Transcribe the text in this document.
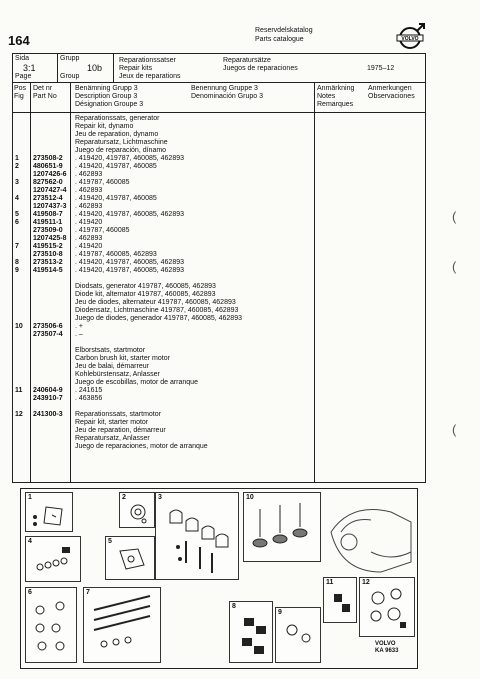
164
Reservdelskatalog
Parts catalogue	VOLVO
Sida
3:1
Page
Grupp
10b
Group
Reparationssatser
Repair kits
Jeux de reparations
Reparatursätze
Juegos de reparaciones	1975–12
Pos
Fig
Det nr
Part No
Benämning Grupp 3
Description Group 3
Désignation Groupe 3
Benennung Gruppe 3
Denominación Grupo 3
Anmärkning
Notes
Remarques
Anmerkungen
Observaciones
Reparationssats, generator
Repair kit, dynamo
Jeu de reparation, dynamo
Reparatursatz, Lichtmaschine
Juego de reparación, dínamo
1 273508-2 . 419420, 419787, 460085, 462893
2 480651-9 . 419420, 419787, 460085
1207426-6 . 462893
3 827562-0 . 419787, 460085
1207427-4 . 462893
4 273512-4 . 419420, 419787, 460085
1207437-3 . 462893
5 419508-7 . 419420, 419787, 460085, 462893
6 419511-1 . 419420
273509-0 . 419787, 460085
1207425-8 . 462893
7 419515-2 . 419420
273510-8 . 419787, 460085, 462893
8 273513-2 . 419420, 419787, 460085, 462893
9 419514-5 . 419420, 419787, 460085, 462893
Diodsats, generator 419787, 460085, 462893
Diode kit, alternator 419787, 460085, 462893
Jeu de diodes, alternateur 419787, 460085, 462893
Diodensatz, Lichtmaschine 419787, 460085, 462893
Juego de diodes, generador 419787, 460085, 462893
10 273506-6 . +
273507-4 . –
Elborstsats, startmotor
Carbon brush kit, starter motor
Jeu de balai, démarreur
Kohlebürstensatz, Anlasser
Juego de escobillas, motor de arranque
11 240604-9 . 241615
243910-7 . 463856
12 241300-3 Reparationssats, startmotor
Repair kit, starter motor
Jeu de reparation, démarreur
Reparatursatz, Anlasser
Juego de reparaciones, motor de arranque
(
(
(
1	2	3	10
4	5
6	7
8
9
11	12
VOLVO
KA 9633
